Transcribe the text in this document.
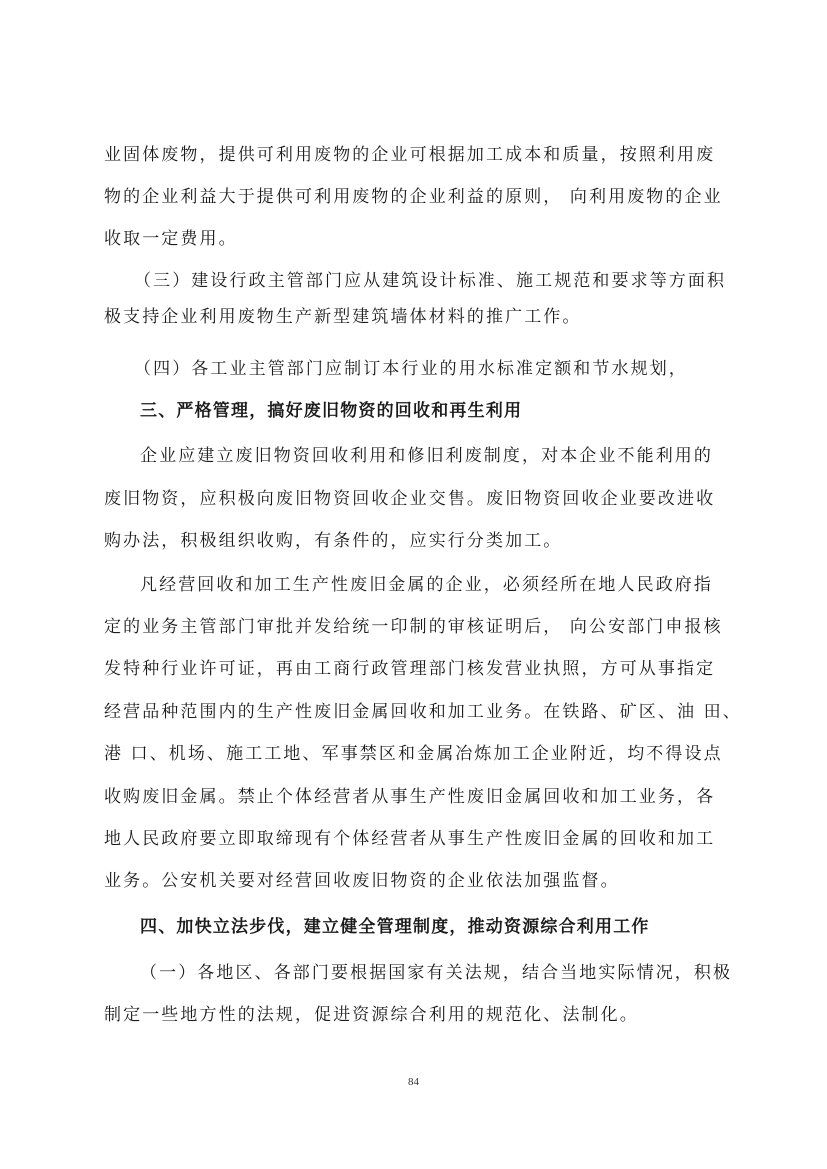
业固体废物，提供可利用废物的企业可根据加工成本和质量，按照利用废
物的企业利益大于提供可利用废物的企业利益的原则， 向利用废物的企业
收取一定费用。
（三）建设行政主管部门应从建筑设计标准、施工规范和要求等方面积
极支持企业利用废物生产新型建筑墙体材料的推广工作。
（四）各工业主管部门应制订本行业的用水标准定额和节水规划，
三、严格管理，搞好废旧物资的回收和再生利用
企业应建立废旧物资回收利用和修旧利废制度，对本企业不能利用的
废旧物资，应积极向废旧物资回收企业交售。废旧物资回收企业要改进收
购办法，积极组织收购，有条件的，应实行分类加工。
凡经营回收和加工生产性废旧金属的企业，必须经所在地人民政府指
定的业务主管部门审批并发给统一印制的审核证明后， 向公安部门申报核
发特种行业许可证，再由工商行政管理部门核发营业执照，方可从事指定
经营品种范围内的生产性废旧金属回收和加工业务。在铁路、矿区、油 田、
港 口、机场、施工工地、军事禁区和金属冶炼加工企业附近，均不得设点
收购废旧金属。禁止个体经营者从事生产性废旧金属回收和加工业务，各
地人民政府要立即取缔现有个体经营者从事生产性废旧金属的回收和加工
业务。公安机关要对经营回收废旧物资的企业依法加强监督。
四、加快立法步伐，建立健全管理制度，推动资源综合利用工作
（一）各地区、各部门要根据国家有关法规，结合当地实际情况，积极
制定一些地方性的法规，促进资源综合利用的规范化、法制化。
84
